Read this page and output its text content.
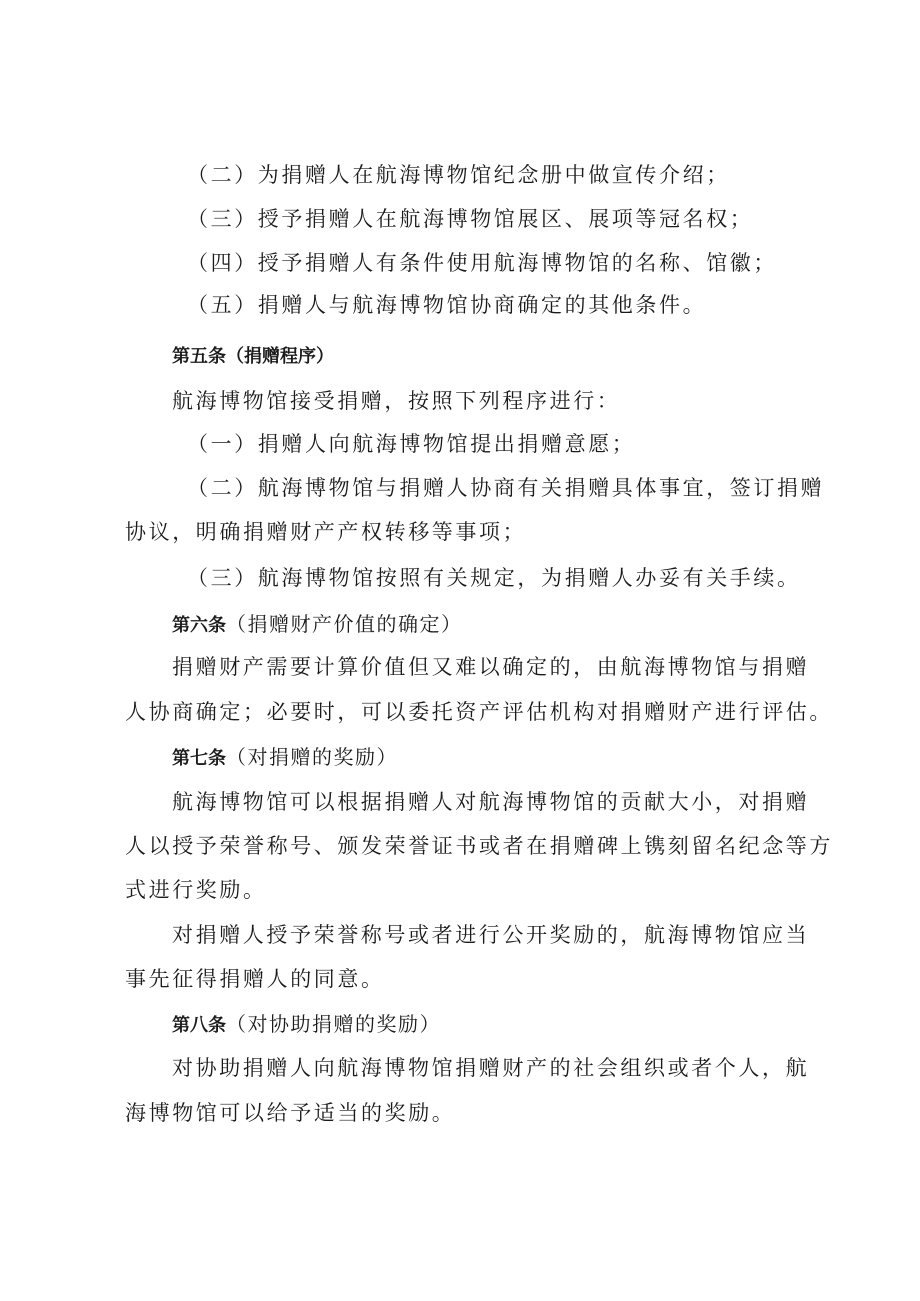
（二）为捐赠人在航海博物馆纪念册中做宣传介绍；
（三）授予捐赠人在航海博物馆展区、展项等冠名权；
（四）授予捐赠人有条件使用航海博物馆的名称、馆徽；
（五）捐赠人与航海博物馆协商确定的其他条件。
第五条（捐赠程序）
航海博物馆接受捐赠，按照下列程序进行：
（一）捐赠人向航海博物馆提出捐赠意愿；
（二）航海博物馆与捐赠人协商有关捐赠具体事宜，签订捐赠
协议，明确捐赠财产产权转移等事项；
（三）航海博物馆按照有关规定，为捐赠人办妥有关手续。
第六条（捐赠财产价值的确定）
捐赠财产需要计算价值但又难以确定的，由航海博物馆与捐赠
人协商确定；必要时，可以委托资产评估机构对捐赠财产进行评估。
第七条（对捐赠的奖励）
航海博物馆可以根据捐赠人对航海博物馆的贡献大小，对捐赠
人以授予荣誉称号、颁发荣誉证书或者在捐赠碑上镌刻留名纪念等方
式进行奖励。
对捐赠人授予荣誉称号或者进行公开奖励的，航海博物馆应当
事先征得捐赠人的同意。
第八条（对协助捐赠的奖励）
对协助捐赠人向航海博物馆捐赠财产的社会组织或者个人，航
海博物馆可以给予适当的奖励。
